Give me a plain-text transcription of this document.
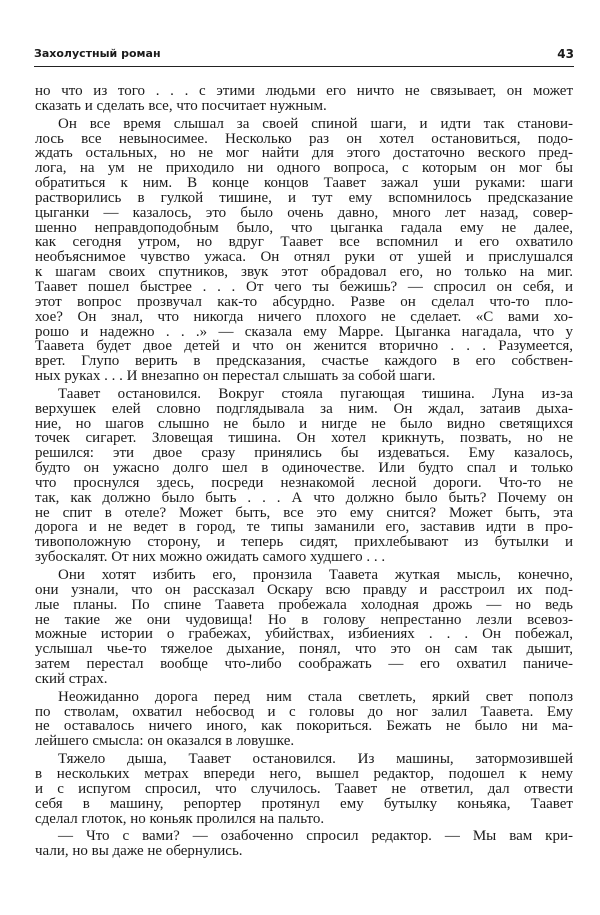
Захолустный роман	43
но что из того . . . с этими людьми его ничто не связывает, он может
сказать и сделать все, что посчитает нужным.
Он все время слышал за своей спиной шаги, и идти так станови-
лось все невыносимее. Несколько раз он хотел остановиться, подо-
ждать остальных, но не мог найти для этого достаточно веского пред-
лога, на ум не приходило ни одного вопроса, с которым он мог бы
обратиться к ним. В конце концов Таавет зажал уши руками: шаги
растворились в гулкой тишине, и тут ему вспомнилось предсказание
цыганки — казалось, это было очень давно, много лет назад, совер-
шенно неправдоподобным было, что цыганка гадала ему не далее,
как сегодня утром, но вдруг Таавет все вспомнил и его охватило
необъяснимое чувство ужаса. Он отнял руки от ушей и прислушался
к шагам своих спутников, звук этот обрадовал его, но только на миг.
Таавет пошел быстрее . . . От чего ты бежишь? — спросил он себя, и
этот вопрос прозвучал как-то абсурдно. Разве он сделал что-то пло-
хое? Он знал, что никогда ничего плохого не сделает. «С вами хо-
рошо и надежно . . .» — сказала ему Марре. Цыганка нагадала, что у
Таавета будет двое детей и что он женится вторично . . . Разумеется,
врет. Глупо верить в предсказания, счастье каждого в его собствен-
ных руках . . . И внезапно он перестал слышать за собой шаги.
Таавет остановился. Вокруг стояла пугающая тишина. Луна из-за
верхушек елей словно подглядывала за ним. Он ждал, затаив дыха-
ние, но шагов слышно не было и нигде не было видно светящихся
точек сигарет. Зловещая тишина. Он хотел крикнуть, позвать, но не
решился: эти двое сразу принялись бы издеваться. Ему казалось,
будто он ужасно долго шел в одиночестве. Или будто спал и только
что проснулся здесь, посреди незнакомой лесной дороги. Что-то не
так, как должно было быть . . . А что должно было быть? Почему он
не спит в отеле? Может быть, все это ему снится? Может быть, эта
дорога и не ведет в город, те типы заманили его, заставив идти в про-
тивоположную сторону, и теперь сидят, прихлебывают из бутылки и
зубоскалят. От них можно ожидать самого худшего . . .
Они хотят избить его, пронзила Таавета жуткая мысль, конечно,
они узнали, что он рассказал Оскару всю правду и расстроил их под-
лые планы. По спине Таавета пробежала холодная дрожь — но ведь
не такие же они чудовища! Но в голову непрестанно лезли всевоз-
можные истории о грабежах, убийствах, избиениях . . . Он побежал,
услышал чье-то тяжелое дыхание, понял, что это он сам так дышит,
затем перестал вообще что-либо соображать — его охватил паниче-
ский страх.
Неожиданно дорога перед ним стала светлеть, яркий свет пополз
по стволам, охватил небосвод и с головы до ног залил Таавета. Ему
не оставалось ничего иного, как покориться. Бежать не было ни ма-
лейшего смысла: он оказался в ловушке.
Тяжело дыша, Таавет остановился. Из машины, затормозившей
в нескольких метрах впереди него, вышел редактор, подошел к нему
и с испугом спросил, что случилось. Таавет не ответил, дал отвести
себя в машину, репортер протянул ему бутылку коньяка, Таавет
сделал глоток, но коньяк пролился на пальто.
— Что с вами? — озабоченно спросил редактор. — Мы вам кри-
чали, но вы даже не обернулись.
